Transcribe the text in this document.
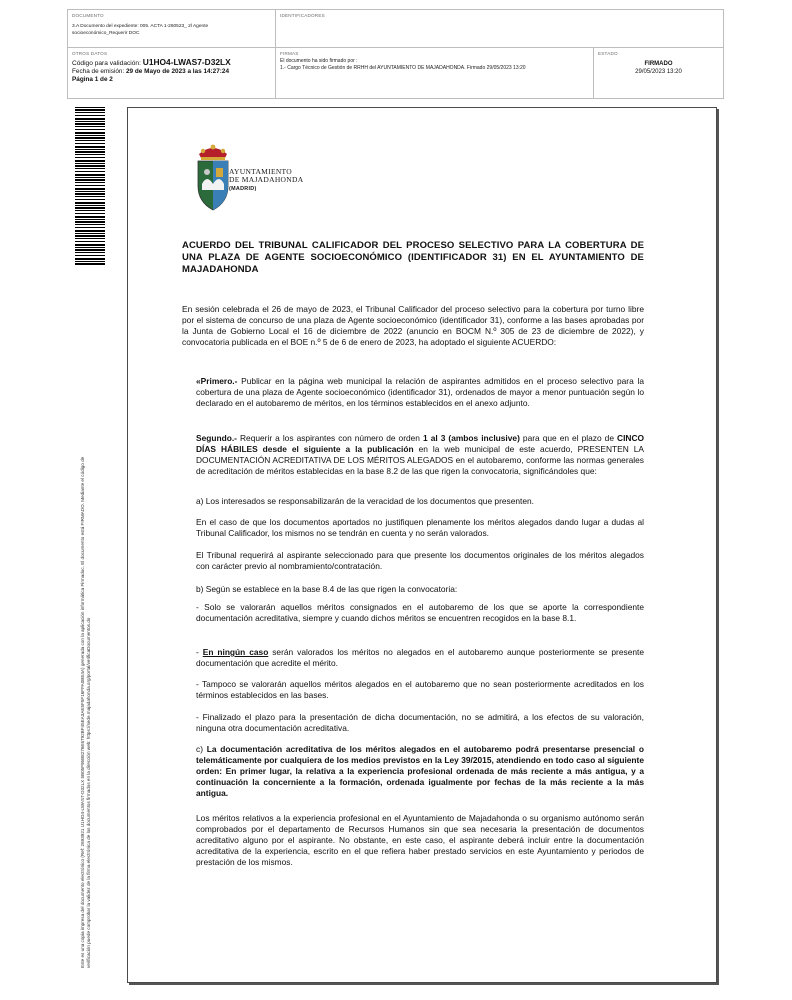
DOCUMENTO
3.A Documento del expediente: 005. ACTA 1-260523_ 2l Agente
socioeconómico_Requerir DOC
IDENTIFICADORES
OTROS DATOS
Código para validación: U1HO4-LWAS7-D32LX
Fecha de emisión: 29 de Mayo de 2023 a las 14:27:24
Página 1 de 2
FIRMAS
El documento ha sido firmado por :
1.- Cargo Técnico de Gestión de RRHH del AYUNTAMIENTO DE MAJADAHONDA. Firmado 29/05/2023 13:20
ESTADO
FIRMADO
29/05/2023 13:20
Este es una copia impresa del documento electrónico (Ref: 2693921 U1HO4-LWAS7-D32LX 5B05F95B8276E6792BF45EA3AE5F5F16FFA0BE4A) generada con la aplicación informática Firmadoc. El documento está FIRMADO. Mediante el código de verificación puede comprobar la validez de la firma electrónica de los documentos firmados en la dirección web: https://sede.majadahonda.org/portal/verificaDocumentos.do
AYUNTAMIENTO
DE MAJADAHONDA
(MADRID)
ACUERDO DEL TRIBUNAL CALIFICADOR DEL PROCESO SELECTIVO PARA LA COBERTURA DE UNA PLAZA DE AGENTE SOCIOECONÓMICO (IDENTIFICADOR 31) EN EL AYUNTAMIENTO DE MAJADAHONDA
En sesión celebrada el 26 de mayo de 2023, el Tribunal Calificador del proceso selectivo para la cobertura por turno libre por el sistema de concurso de una plaza de Agente socioeconómico (identificador 31), conforme a las bases aprobadas por la Junta de Gobierno Local el 16 de diciembre de 2022 (anuncio en BOCM N.º 305 de 23 de diciembre de 2022), y convocatoria publicada en el BOE n.º 5 de 6 de enero de 2023, ha adoptado el siguiente ACUERDO:
«Primero.- Publicar en la página web municipal la relación de aspirantes admitidos en el proceso selectivo para la cobertura de una plaza de Agente socioeconómico (identificador 31), ordenados de mayor a menor puntuación según lo declarado en el autobaremo de méritos, en los términos establecidos en el anexo adjunto.
Segundo.- Requerir a los aspirantes con número de orden 1 al 3 (ambos inclusive) para que en el plazo de CINCO DÍAS HÁBILES desde el siguiente a la publicación en la web municipal de este acuerdo, PRESENTEN LA DOCUMENTACIÓN ACREDITATIVA DE LOS MÉRITOS ALEGADOS en el autobaremo, conforme las normas generales de acreditación de méritos establecidas en la base 8.2 de las que rigen la convocatoria, significándoles que:
a) Los interesados se responsabilizarán de la veracidad de los documentos que presenten.
En el caso de que los documentos aportados no justifiquen plenamente los méritos alegados dando lugar a dudas al Tribunal Calificador, los mismos no se tendrán en cuenta y no serán valorados.
El Tribunal requerirá al aspirante seleccionado para que presente los documentos originales de los méritos alegados con carácter previo al nombramiento/contratación.
b) Según se establece en la base 8.4 de las que rigen la convocatoria:
- Solo se valorarán aquellos méritos consignados en el autobaremo de los que se aporte la correspondiente documentación acreditativa, siempre y cuando dichos méritos se encuentren recogidos en la base 8.1.
- En ningún caso serán valorados los méritos no alegados en el autobaremo aunque posteriormente se presente documentación que acredite el mérito.
- Tampoco se valorarán aquellos méritos alegados en el autobaremo que no sean posteriormente acreditados en los términos establecidos en las bases.
- Finalizado el plazo para la presentación de dicha documentación, no se admitirá, a los efectos de su valoración, ninguna otra documentación acreditativa.
c) La documentación acreditativa de los méritos alegados en el autobaremo podrá presentarse presencial o telemáticamente por cualquiera de los medios previstos en la Ley 39/2015, atendiendo en todo caso al siguiente orden: En primer lugar, la relativa a la experiencia profesional ordenada de más reciente a más antigua, y a continuación la concerniente a la formación, ordenada igualmente por fechas de la más reciente a la más antigua.
Los méritos relativos a la experiencia profesional en el Ayuntamiento de Majadahonda o su organismo autónomo serán comprobados por el departamento de Recursos Humanos sin que sea necesaria la presentación de documentos acreditativo alguno por el aspirante. No obstante, en este caso, el aspirante deberá incluir entre la documentación acreditativa de la experiencia, escrito en el que refiera haber prestado servicios en este Ayuntamiento y periodos de prestación de los mismos.
